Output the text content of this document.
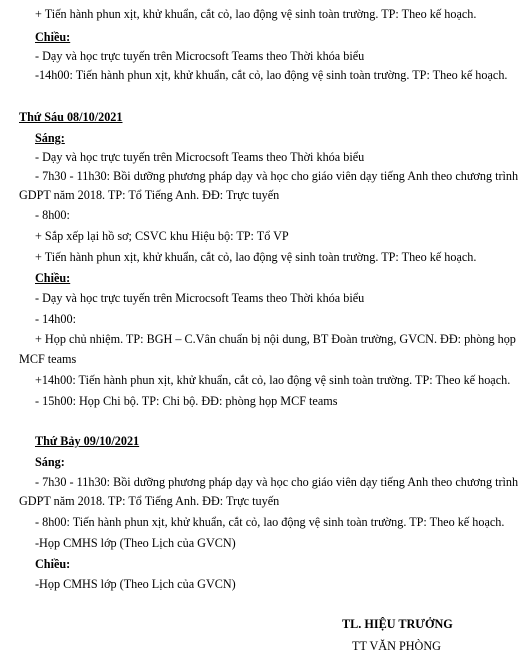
+ Tiến hành phun xịt, khử khuẩn, cắt cỏ, lao động vệ sinh toàn trường. TP: Theo kế hoạch.
Chiều:
- Dạy và học trực tuyến trên Microcsoft Teams theo Thời khóa biểu
-14h00: Tiến hành phun xịt, khử khuẩn, cắt cỏ, lao động vệ sinh toàn trường. TP: Theo kế hoạch.
Thứ Sáu 08/10/2021
Sáng:
- Dạy và học trực tuyến trên Microcsoft Teams theo Thời khóa biểu
- 7h30 - 11h30: Bồi dưỡng phương pháp dạy và học cho giáo viên dạy tiếng Anh theo chương trình
GDPT năm 2018. TP: Tổ Tiếng Anh. ĐĐ: Trực tuyến
- 8h00:
+ Sắp xếp lại hồ sơ; CSVC khu Hiệu bộ: TP: Tổ VP
+ Tiến hành phun xịt, khử khuẩn, cắt cỏ, lao động vệ sinh toàn trường. TP: Theo kế hoạch.
Chiều:
- Dạy và học trực tuyến trên Microcsoft Teams theo Thời khóa biểu
- 14h00:
+ Họp chủ nhiệm. TP: BGH – C.Vân chuẩn bị nội dung, BT Đoàn trường, GVCN. ĐĐ: phòng họp
MCF teams
+14h00: Tiến hành phun xịt, khử khuẩn, cắt cỏ, lao động vệ sinh toàn trường. TP: Theo kế hoạch.
- 15h00: Họp Chi bộ. TP: Chi bộ. ĐĐ: phòng họp MCF teams
Thứ Bảy 09/10/2021
Sáng:
- 7h30 - 11h30: Bồi dưỡng phương pháp dạy và học cho giáo viên dạy tiếng Anh theo chương trình
GDPT năm 2018. TP: Tổ Tiếng Anh. ĐĐ: Trực tuyến
- 8h00: Tiến hành phun xịt, khử khuẩn, cắt cỏ, lao động vệ sinh toàn trường. TP: Theo kế hoạch.
-Họp CMHS lớp (Theo Lịch của GVCN)
Chiều:
-Họp CMHS lớp (Theo Lịch của GVCN)
TL. HIỆU TRƯỞNG
TT VĂN PHÒNG
